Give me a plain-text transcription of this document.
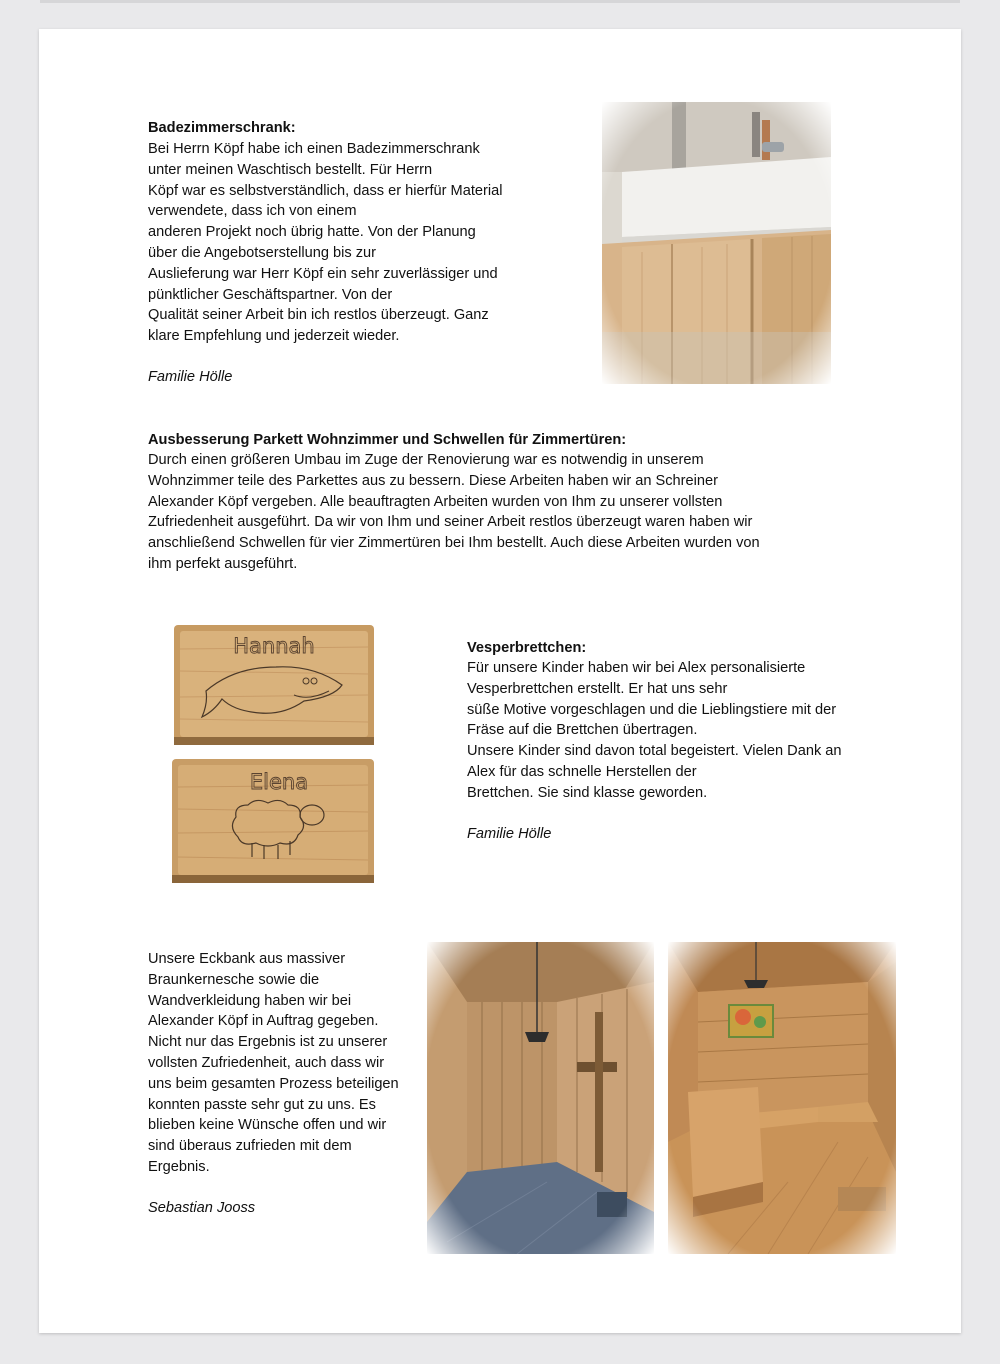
Badezimmerschrank:
Bei Herrn Köpf habe ich einen Badezimmerschrank
unter meinen Waschtisch bestellt. Für Herrn
Köpf war es selbstverständlich, dass er hierfür Material
verwendete, dass ich von einem
anderen Projekt noch übrig hatte. Von der Planung
über die Angebotserstellung bis zur
Auslieferung war Herr Köpf ein sehr zuverlässiger und
pünktlicher Geschäftspartner. Von der
Qualität seiner Arbeit bin ich restlos überzeugt. Ganz
klare Empfehlung und jederzeit wieder.
Familie Hölle
Ausbesserung Parkett Wohnzimmer und Schwellen für Zimmertüren:
Durch einen größeren Umbau im Zuge der Renovierung war es notwendig in unserem
Wohnzimmer teile des Parkettes aus zu bessern. Diese Arbeiten haben wir an Schreiner
Alexander Köpf vergeben. Alle beauftragten Arbeiten wurden von Ihm zu unserer vollsten
Zufriedenheit ausgeführt. Da wir von Ihm und seiner Arbeit restlos überzeugt waren haben wir
anschließend Schwellen für vier Zimmertüren bei Ihm bestellt. Auch diese Arbeiten wurden von
ihm perfekt ausgeführt.
Hannah
Elena
Vesperbrettchen:
Für unsere Kinder haben wir bei Alex personalisierte
Vesperbrettchen erstellt. Er hat uns sehr
süße Motive vorgeschlagen und die Lieblingstiere mit der
Fräse auf die Brettchen übertragen.
Unsere Kinder sind davon total begeistert. Vielen Dank an
Alex für das schnelle Herstellen der
Brettchen. Sie sind klasse geworden.
Familie Hölle
Unsere Eckbank aus massiver
Braunkernesche sowie die
Wandverkleidung haben wir bei
Alexander Köpf in Auftrag gegeben.
Nicht nur das Ergebnis ist zu unserer
vollsten Zufriedenheit, auch dass wir
uns beim gesamten Prozess beteiligen
konnten passte sehr gut zu uns. Es
blieben keine Wünsche offen und wir
sind überaus zufrieden mit dem
Ergebnis.
Sebastian Jooss
